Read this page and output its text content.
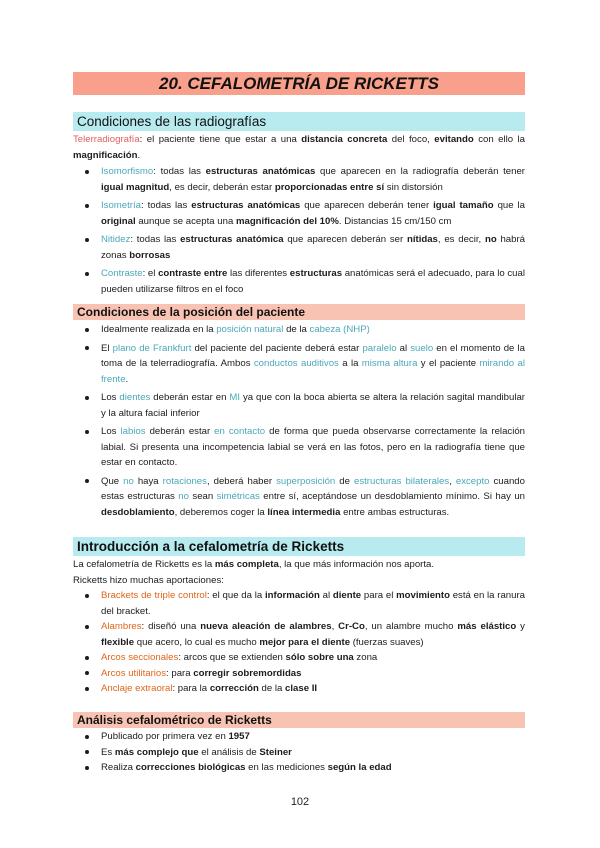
20. CEFALOMETRÍA DE RICKETTS
Condiciones de las radiografías
Telerradiografía: el paciente tiene que estar a una distancia concreta del foco, evitando con ello la magnificación.
Isomorfismo: todas las estructuras anatómicas que aparecen en la radiografía deberán tener igual magnitud, es decir, deberán estar proporcionadas entre sí sin distorsión
Isometría: todas las estructuras anatómicas que aparecen deberán tener igual tamaño que la original aunque se acepta una magnificación del 10%. Distancias 15 cm/150 cm
Nitidez: todas las estructuras anatómica que aparecen deberán ser nítidas, es decir, no habrá zonas borrosas
Contraste: el contraste entre las diferentes estructuras anatómicas será el adecuado, para lo cual pueden utilizarse filtros en el foco
Condiciones de la posición del paciente
Idealmente realizada en la posición natural de la cabeza (NHP)
El plano de Frankfurt del paciente del paciente deberá estar paralelo al suelo en el momento de la toma de la telerradiografía. Ambos conductos auditivos a la misma altura y el paciente mirando al frente.
Los dientes deberán estar en MI ya que con la boca abierta se altera la relación sagital mandibular y la altura facial inferior
Los labios deberán estar en contacto de forma que pueda observarse correctamente la relación labial. Si presenta una incompetencia labial se verá en las fotos, pero en la radiografía tiene que estar en contacto.
Que no haya rotaciones, deberá haber superposición de estructuras bilaterales, excepto cuando estas estructuras no sean simétricas entre sí, aceptándose un desdoblamiento mínimo. Si hay un desdoblamiento, deberemos coger la línea intermedia entre ambas estructuras.
Introducción a la cefalometría de Ricketts
La cefalometría de Ricketts es la más completa, la que más información nos aporta.
Ricketts hizo muchas aportaciones:
Brackets de triple control: el que da la información al diente para el movimiento está en la ranura del bracket.
Alambres: diseñó una nueva aleación de alambres, Cr-Co, un alambre mucho más elástico y flexible que acero, lo cual es mucho mejor para el diente (fuerzas suaves)
Arcos seccionales: arcos que se extienden sólo sobre una zona
Arcos utilitarios: para corregir sobremordidas
Anclaje extraoral: para la corrección de la clase II
Análisis cefalométrico de Ricketts
Publicado por primera vez en 1957
Es más complejo que el análisis de Steiner
Realiza correcciones biológicas en las mediciones según la edad
102
